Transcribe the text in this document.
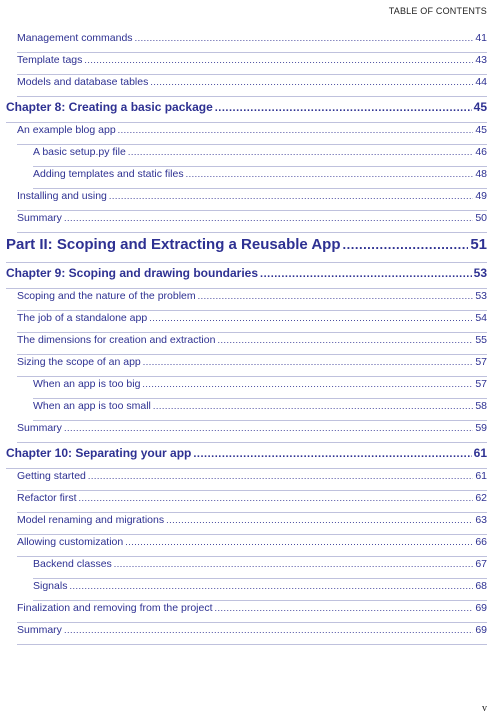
TABLE OF CONTENTS
Management commands .....	41
Template tags .....	43
Models and database tables .....	44
Chapter 8: Creating a basic package .....	45
An example blog app .....	45
A basic setup.py file .....	46
Adding templates and static files .....	48
Installing and using .....	49
Summary .....	50
Part II: Scoping and Extracting a Reusable App .....	51
Chapter 9: Scoping and drawing boundaries .....	53
Scoping and the nature of the problem .....	53
The job of a standalone app .....	54
The dimensions for creation and extraction .....	55
Sizing the scope of an app .....	57
When an app is too big .....	57
When an app is too small .....	58
Summary .....	59
Chapter 10: Separating your app .....	61
Getting started .....	61
Refactor first .....	62
Model renaming and migrations .....	63
Allowing customization .....	66
Backend classes .....	67
Signals .....	68
Finalization and removing from the project .....	69
Summary .....	69
v
